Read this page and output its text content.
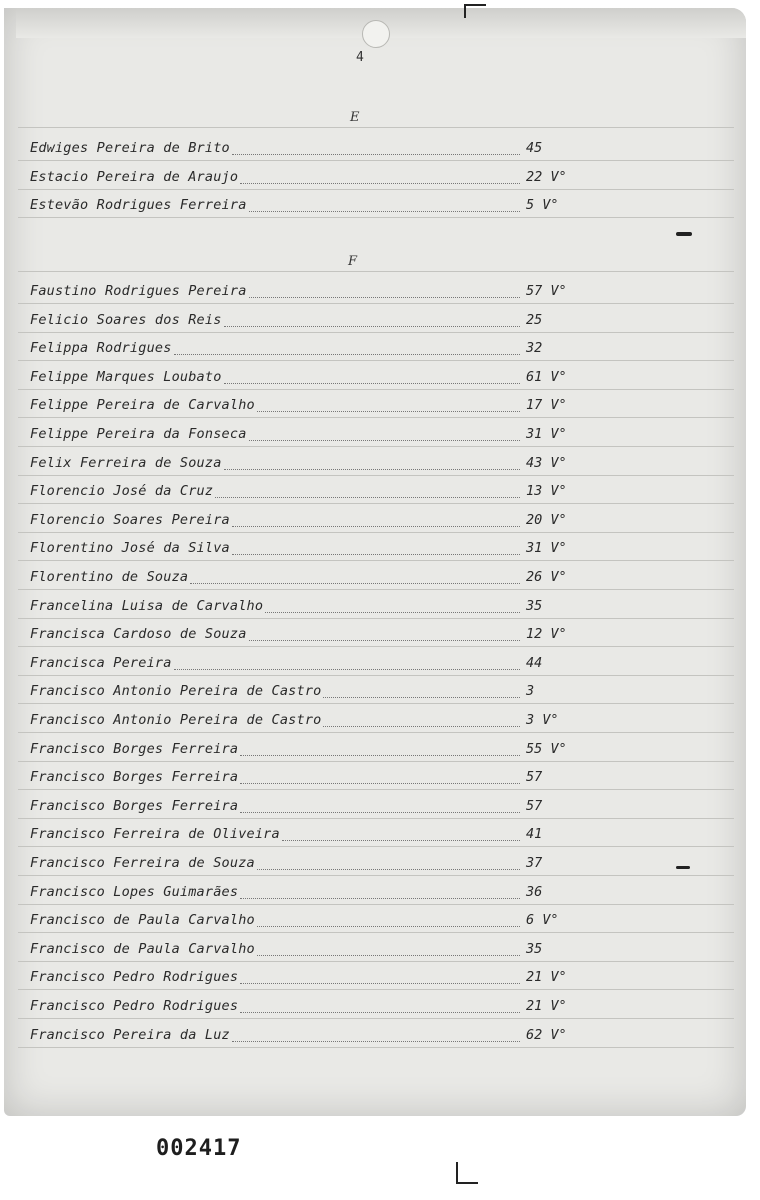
4
E
Edwiges Pereira de Brito	45
Estacio Pereira de Araujo	22 V°
Estevão Rodrigues Ferreira	5 V°
F
Faustino Rodrigues Pereira	57 V°
Felicio Soares dos Reis	25
Felippa Rodrigues	32
Felippe Marques Loubato	61 V°
Felippe Pereira de Carvalho	17 V°
Felippe Pereira da Fonseca	31 V°
Felix Ferreira de Souza	43 V°
Florencio José da Cruz	13 V°
Florencio Soares Pereira	20 V°
Florentino José da Silva	31 V°
Florentino de Souza	26 V°
Francelina Luisa de Carvalho	35
Francisca Cardoso de Souza	12 V°
Francisca Pereira	44
Francisco Antonio Pereira de Castro	3
Francisco Antonio Pereira de Castro	3 V°
Francisco Borges Ferreira	55 V°
Francisco Borges Ferreira	57
Francisco Borges Ferreira	57
Francisco Ferreira de Oliveira	41
Francisco Ferreira de Souza	37
Francisco Lopes Guimarães	36
Francisco de Paula Carvalho	6 V°
Francisco de Paula Carvalho	35
Francisco Pedro Rodrigues	21 V°
Francisco Pedro Rodrigues	21 V°
Francisco Pereira da Luz	62 V°
002417
